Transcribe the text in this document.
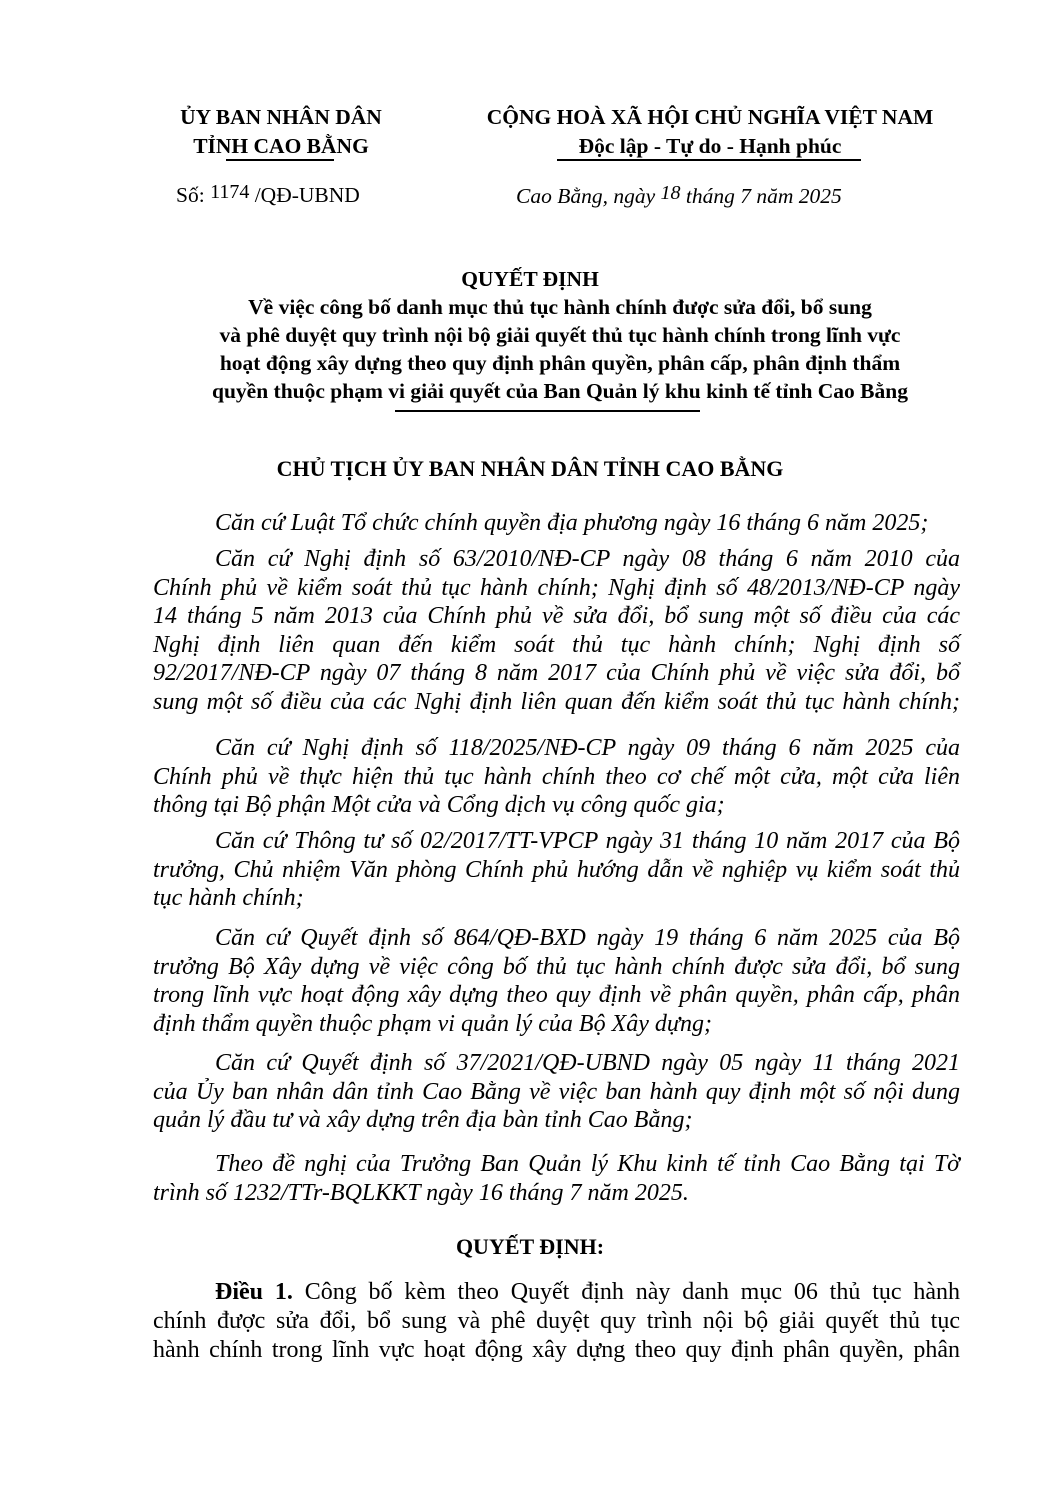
ỦY BAN NHÂN DÂN
TỈNH CAO BẰNG
Số: 1174 /QĐ-UBND
CỘNG HOÀ XÃ HỘI CHỦ NGHĨA VIỆT NAM
Độc lập - Tự do - Hạnh phúc
Cao Bằng, ngày 18 tháng 7 năm 2025
QUYẾT ĐỊNH
Về việc công bố danh mục thủ tục hành chính được sửa đổi, bổ sung
và phê duyệt quy trình nội bộ giải quyết thủ tục hành chính trong lĩnh vực
hoạt động xây dựng theo quy định phân quyền, phân cấp, phân định thẩm
quyền thuộc phạm vi giải quyết của Ban Quản lý khu kinh tế tỉnh Cao Bằng
CHỦ TỊCH ỦY BAN NHÂN DÂN TỈNH CAO BẰNG
Căn cứ Luật Tổ chức chính quyền địa phương ngày 16 tháng 6 năm 2025;
Căn cứ Nghị định số 63/2010/NĐ-CP ngày 08 tháng 6 năm 2010 của
Chính phủ về kiểm soát thủ tục hành chính; Nghị định số 48/2013/NĐ-CP ngày
14 tháng 5 năm 2013 của Chính phủ về sửa đổi, bổ sung một số điều của các
Nghị định liên quan đến kiểm soát thủ tục hành chính; Nghị định số
92/2017/NĐ-CP ngày 07 tháng 8 năm 2017 của Chính phủ về việc sửa đổi, bổ
sung một số điều của các Nghị định liên quan đến kiểm soát thủ tục hành chính;
Căn cứ Nghị định số 118/2025/NĐ-CP ngày 09 tháng 6 năm 2025 của
Chính phủ về thực hiện thủ tục hành chính theo cơ chế một cửa, một cửa liên
thông tại Bộ phận Một cửa và Cổng dịch vụ công quốc gia;
Căn cứ Thông tư số 02/2017/TT-VPCP ngày 31 tháng 10 năm 2017 của Bộ
trưởng, Chủ nhiệm Văn phòng Chính phủ hướng dẫn về nghiệp vụ kiểm soát thủ
tục hành chính;
Căn cứ Quyết định số 864/QĐ-BXD ngày 19 tháng 6 năm 2025 của Bộ
trưởng Bộ Xây dựng về việc công bố thủ tục hành chính được sửa đổi, bổ sung
trong lĩnh vực hoạt động xây dựng theo quy định về phân quyền, phân cấp, phân
định thẩm quyền thuộc phạm vi quản lý của Bộ Xây dựng;
Căn cứ Quyết định số 37/2021/QĐ-UBND ngày 05 ngày 11 tháng 2021
của Ủy ban nhân dân tỉnh Cao Bằng về việc ban hành quy định một số nội dung
quản lý đầu tư và xây dựng trên địa bàn tỉnh Cao Bằng;
Theo đề nghị của Trưởng Ban Quản lý Khu kinh tế tỉnh Cao Bằng tại Tờ
trình số 1232/TTr-BQLKKT ngày 16 tháng 7 năm 2025.
QUYẾT ĐỊNH:
Điều 1. Công bố kèm theo Quyết định này danh mục 06 thủ tục hành
chính được sửa đổi, bổ sung và phê duyệt quy trình nội bộ giải quyết thủ tục
hành chính trong lĩnh vực hoạt động xây dựng theo quy định phân quyền, phân
